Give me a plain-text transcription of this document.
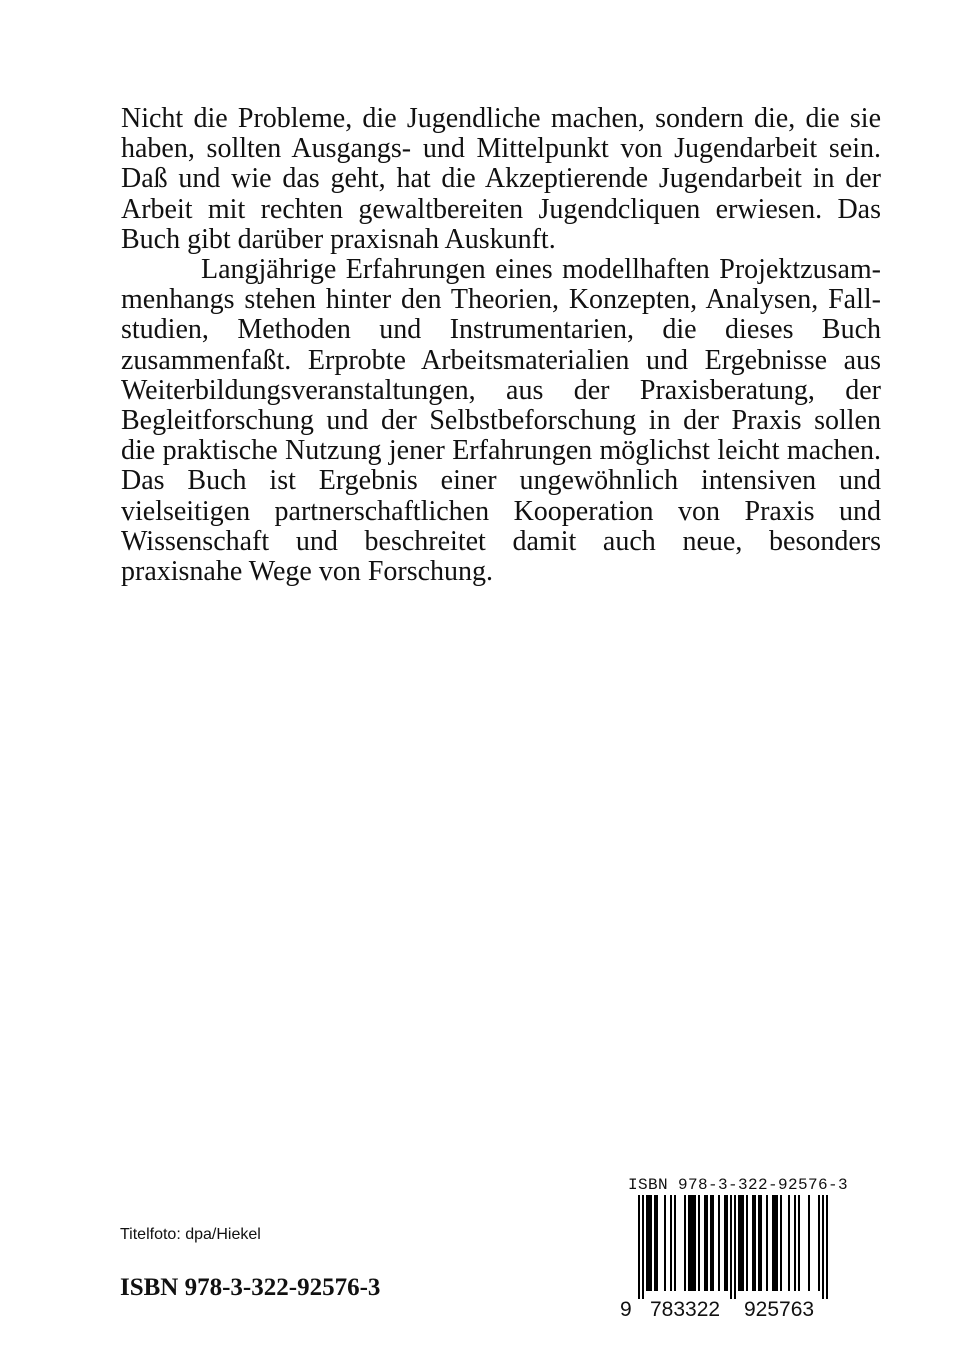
Nicht die Probleme, die Jugendliche machen, sondern die, die sie haben, sollten Ausgangs- und Mittelpunkt von Jugendarbeit sein. Daß und wie das geht, hat die Akzeptierende Jugendarbeit in der Arbeit mit rechten gewaltbereiten Jugendcliquen erwiesen. Das Buch gibt darüber praxisnah Auskunft.

Langjährige Erfahrungen eines modellhaften Projektzusammenhangs stehen hinter den Theorien, Konzepten, Analysen, Fallstudien, Methoden und Instrumentarien, die dieses Buch zusammenfaßt. Erprobte Arbeitsmaterialien und Ergebnisse aus Weiterbildungsveranstaltungen, aus der Praxisberatung, der Begleitforschung und der Selbstbeforschung in der Praxis sollen die praktische Nutzung jener Erfahrungen möglichst leicht machen. Das Buch ist Ergebnis einer ungewöhnlich intensiven und vielseitigen partnerschaftlichen Kooperation von Praxis und Wissenschaft und beschreitet damit auch neue, besonders praxisnahe Wege von Forschung.

Titelfoto: dpa/Hiekel
ISBN 978-3-322-92576-3
ISBN 978-3-322-92576-3
9 783322 925763
